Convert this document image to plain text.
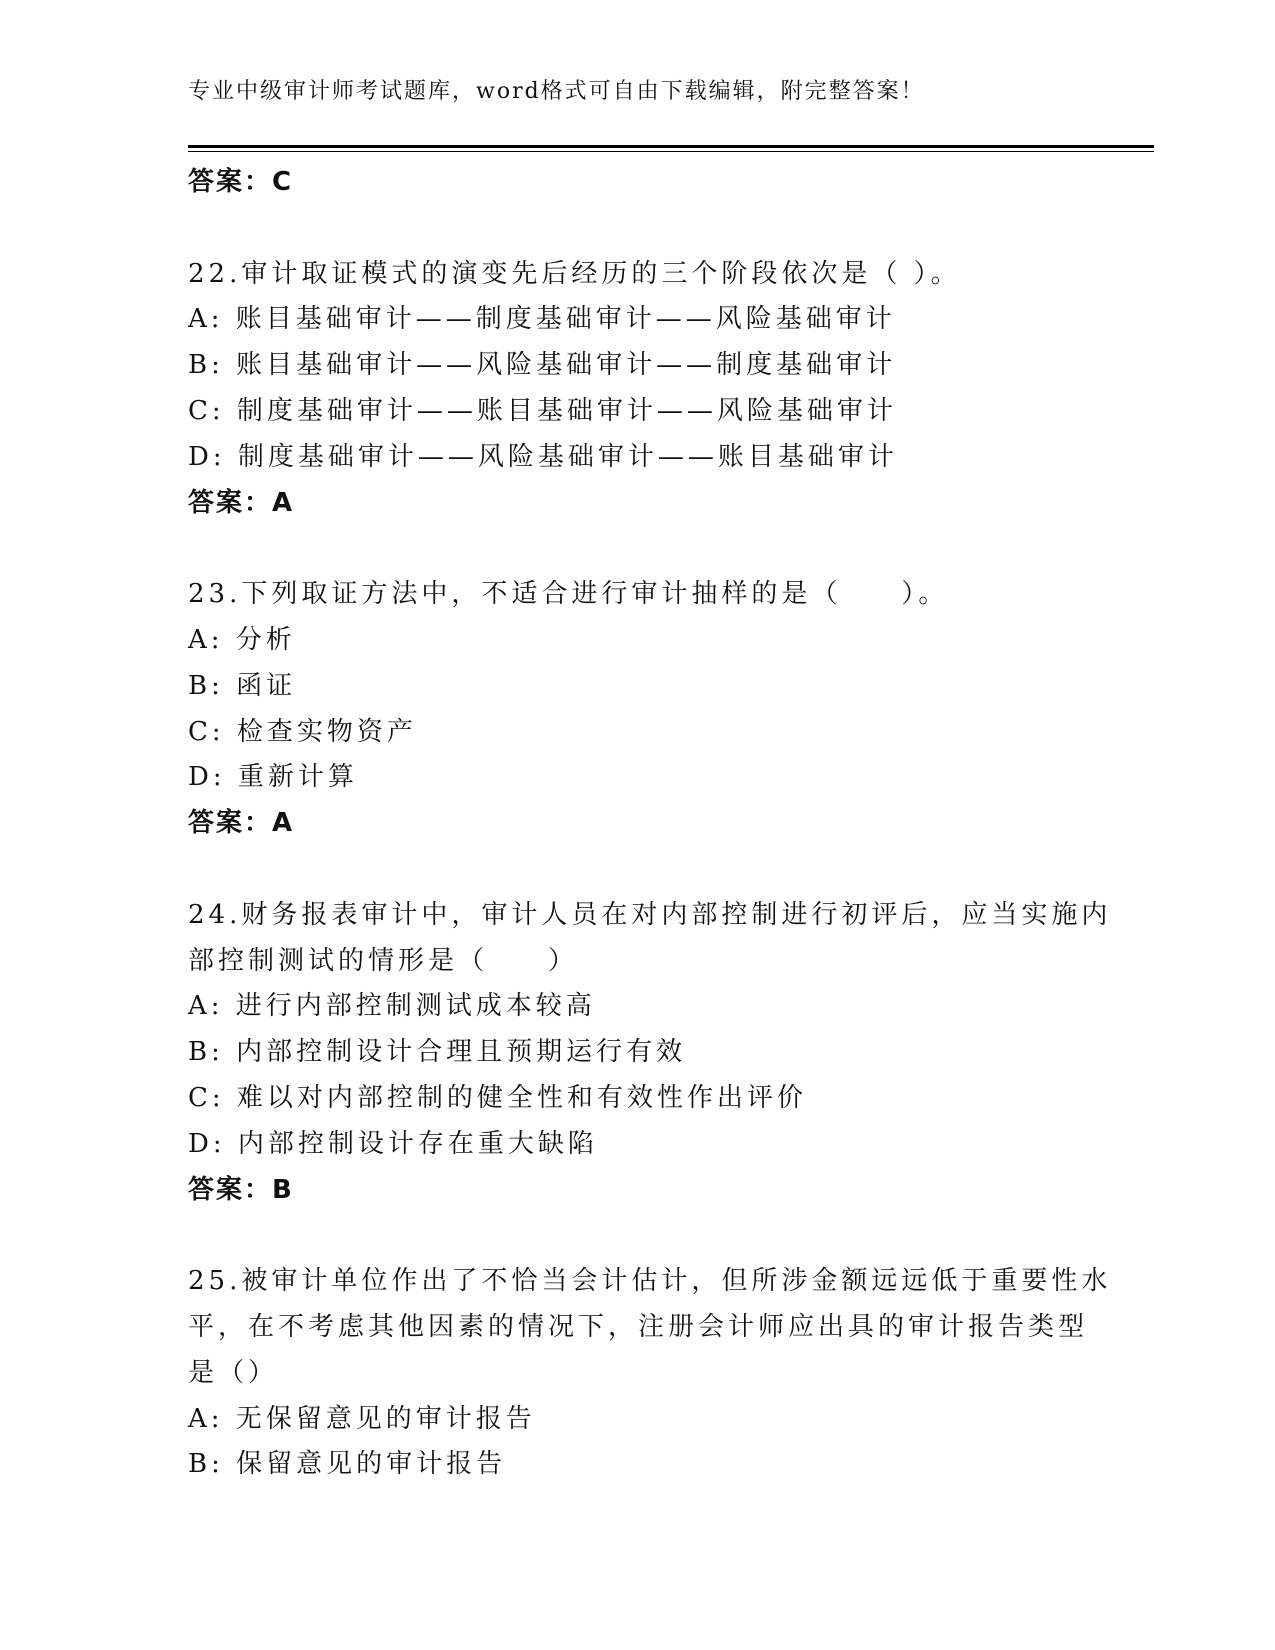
专业中级审计师考试题库，word格式可自由下载编辑，附完整答案！
答案：C
22.审计取证模式的演变先后经历的三个阶段依次是（ ）。
A: 账目基础审计——制度基础审计——风险基础审计
B: 账目基础审计——风险基础审计——制度基础审计
C: 制度基础审计——账目基础审计——风险基础审计
D: 制度基础审计——风险基础审计——账目基础审计
答案：A
23.下列取证方法中，不适合进行审计抽样的是（　　）。
A: 分析
B: 函证
C: 检查实物资产
D: 重新计算
答案：A
24.财务报表审计中，审计人员在对内部控制进行初评后，应当实施内
部控制测试的情形是（　　）
A: 进行内部控制测试成本较高
B: 内部控制设计合理且预期运行有效
C: 难以对内部控制的健全性和有效性作出评价
D: 内部控制设计存在重大缺陷
答案：B
25.被审计单位作出了不恰当会计估计，但所涉金额远远低于重要性水
平，在不考虑其他因素的情况下，注册会计师应出具的审计报告类型
是（）
A: 无保留意见的审计报告
B: 保留意见的审计报告
